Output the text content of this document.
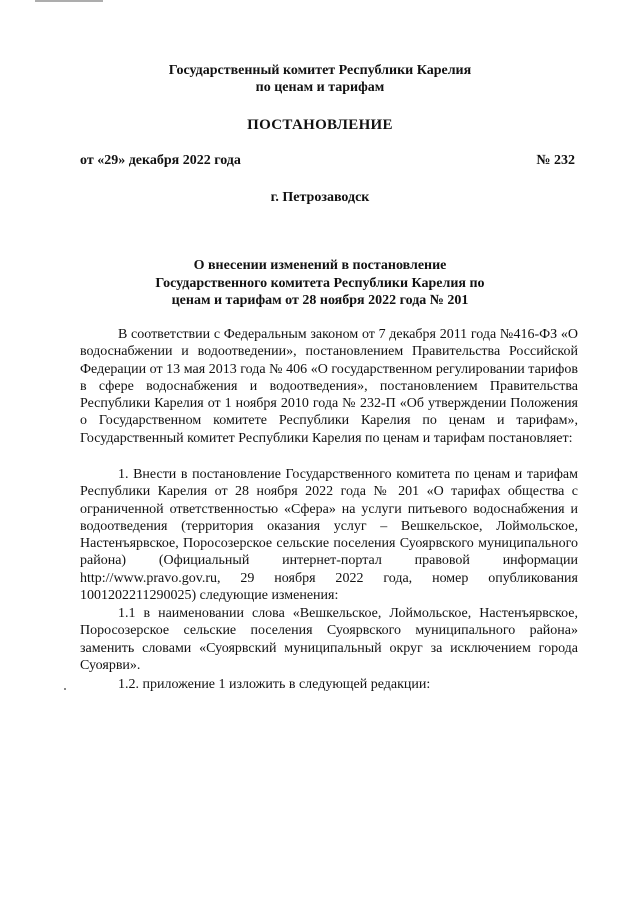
Государственный комитет Республики Карелия
по ценам и тарифам
ПОСТАНОВЛЕНИЕ
от «29» декабря 2022 года	№ 232
г. Петрозаводск
О внесении изменений в постановление
Государственного комитета Республики Карелия по
ценам и тарифам от 28 ноября 2022 года № 201

В соответствии с Федеральным законом от 7 декабря 2011 года №416-ФЗ «О водоснабжении и водоотведении», постановлением Правительства Российской Федерации от 13 мая 2013 года № 406 «О государственном регулировании тарифов в сфере водоснабжения и водоотведения», постановлением Правительства Республики Карелия от 1 ноября 2010 года № 232-П «Об утверждении Положения о Государственном комитете Республики Карелия по ценам и тарифам», Государственный комитет Республики Карелия по ценам и тарифам постановляет:

1. Внести в постановление Государственного комитета по ценам и тарифам Республики Карелия от 28 ноября 2022 года № 201 «О тарифах общества с ограниченной ответственностью «Сфера» на услуги питьевого водоснабжения и водоотведения (территория оказания услуг – Вешкельское, Лоймольское, Настенъярвское, Поросозерское сельские поселения Суоярвского муниципального района) (Официальный интернет-портал правовой информации http://www.pravo.gov.ru, 29 ноября 2022 года, номер опубликования 1001202211290025) следующие изменения:

1.1 в наименовании слова «Вешкельское, Лоймольское, Настенъярвское, Поросозерское сельские поселения Суоярвского муниципального района» заменить словами «Суоярвский муниципальный округ за исключением города Суоярви».

1.2. приложение 1 изложить в следующей редакции:
